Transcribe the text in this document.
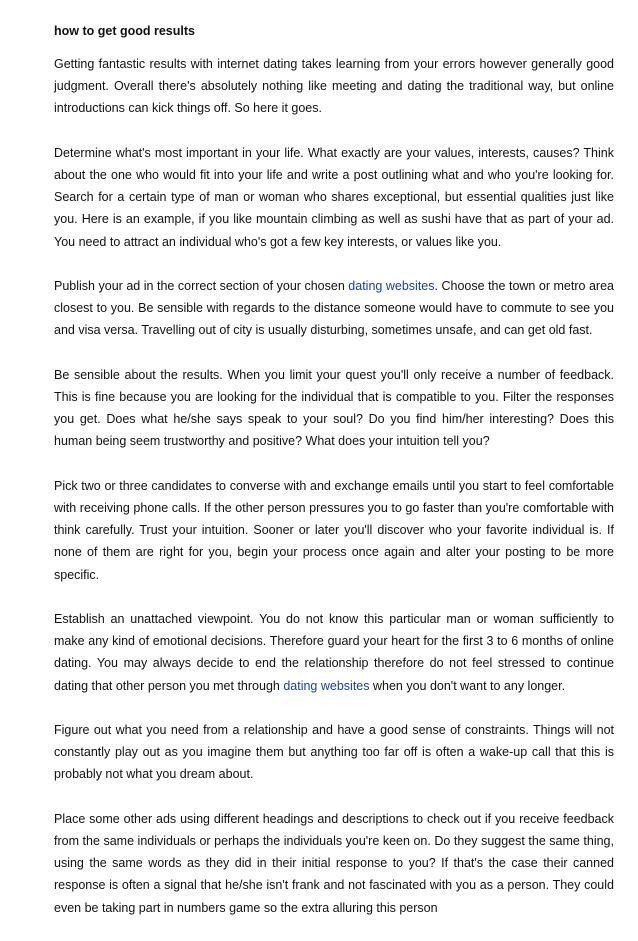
how to get good results

Getting fantastic results with internet dating takes learning from your errors however generally good judgment. Overall there's absolutely nothing like meeting and dating the traditional way, but online introductions can kick things off. So here it goes.

Determine what's most important in your life. What exactly are your values, interests, causes? Think about the one who would fit into your life and write a post outlining what and who you're looking for. Search for a certain type of man or woman who shares exceptional, but essential qualities just like you. Here is an example, if you like mountain climbing as well as sushi have that as part of your ad. You need to attract an individual who's got a few key interests, or values like you.

Publish your ad in the correct section of your chosen dating websites. Choose the town or metro area closest to you. Be sensible with regards to the distance someone would have to commute to see you and visa versa. Travelling out of city is usually disturbing, sometimes unsafe, and can get old fast.

Be sensible about the results. When you limit your quest you'll only receive a number of feedback. This is fine because you are looking for the individual that is compatible to you. Filter the responses you get. Does what he/she says speak to your soul? Do you find him/her interesting? Does this human being seem trustworthy and positive? What does your intuition tell you?

Pick two or three candidates to converse with and exchange emails until you start to feel comfortable with receiving phone calls. If the other person pressures you to go faster than you're comfortable with think carefully. Trust your intuition. Sooner or later you'll discover who your favorite individual is. If none of them are right for you, begin your process once again and alter your posting to be more specific.

Establish an unattached viewpoint. You do not know this particular man or woman sufficiently to make any kind of emotional decisions. Therefore guard your heart for the first 3 to 6 months of online dating. You may always decide to end the relationship therefore do not feel stressed to continue dating that other person you met through dating websites when you don't want to any longer.

Figure out what you need from a relationship and have a good sense of constraints. Things will not constantly play out as you imagine them but anything too far off is often a wake-up call that this is probably not what you dream about.

Place some other ads using different headings and descriptions to check out if you receive feedback from the same individuals or perhaps the individuals you're keen on. Do they suggest the same thing, using the same words as they did in their initial response to you? If that's the case their canned response is often a signal that he/she isn't frank and not fascinated with you as a person. They could even be taking part in numbers game so the extra alluring this person
